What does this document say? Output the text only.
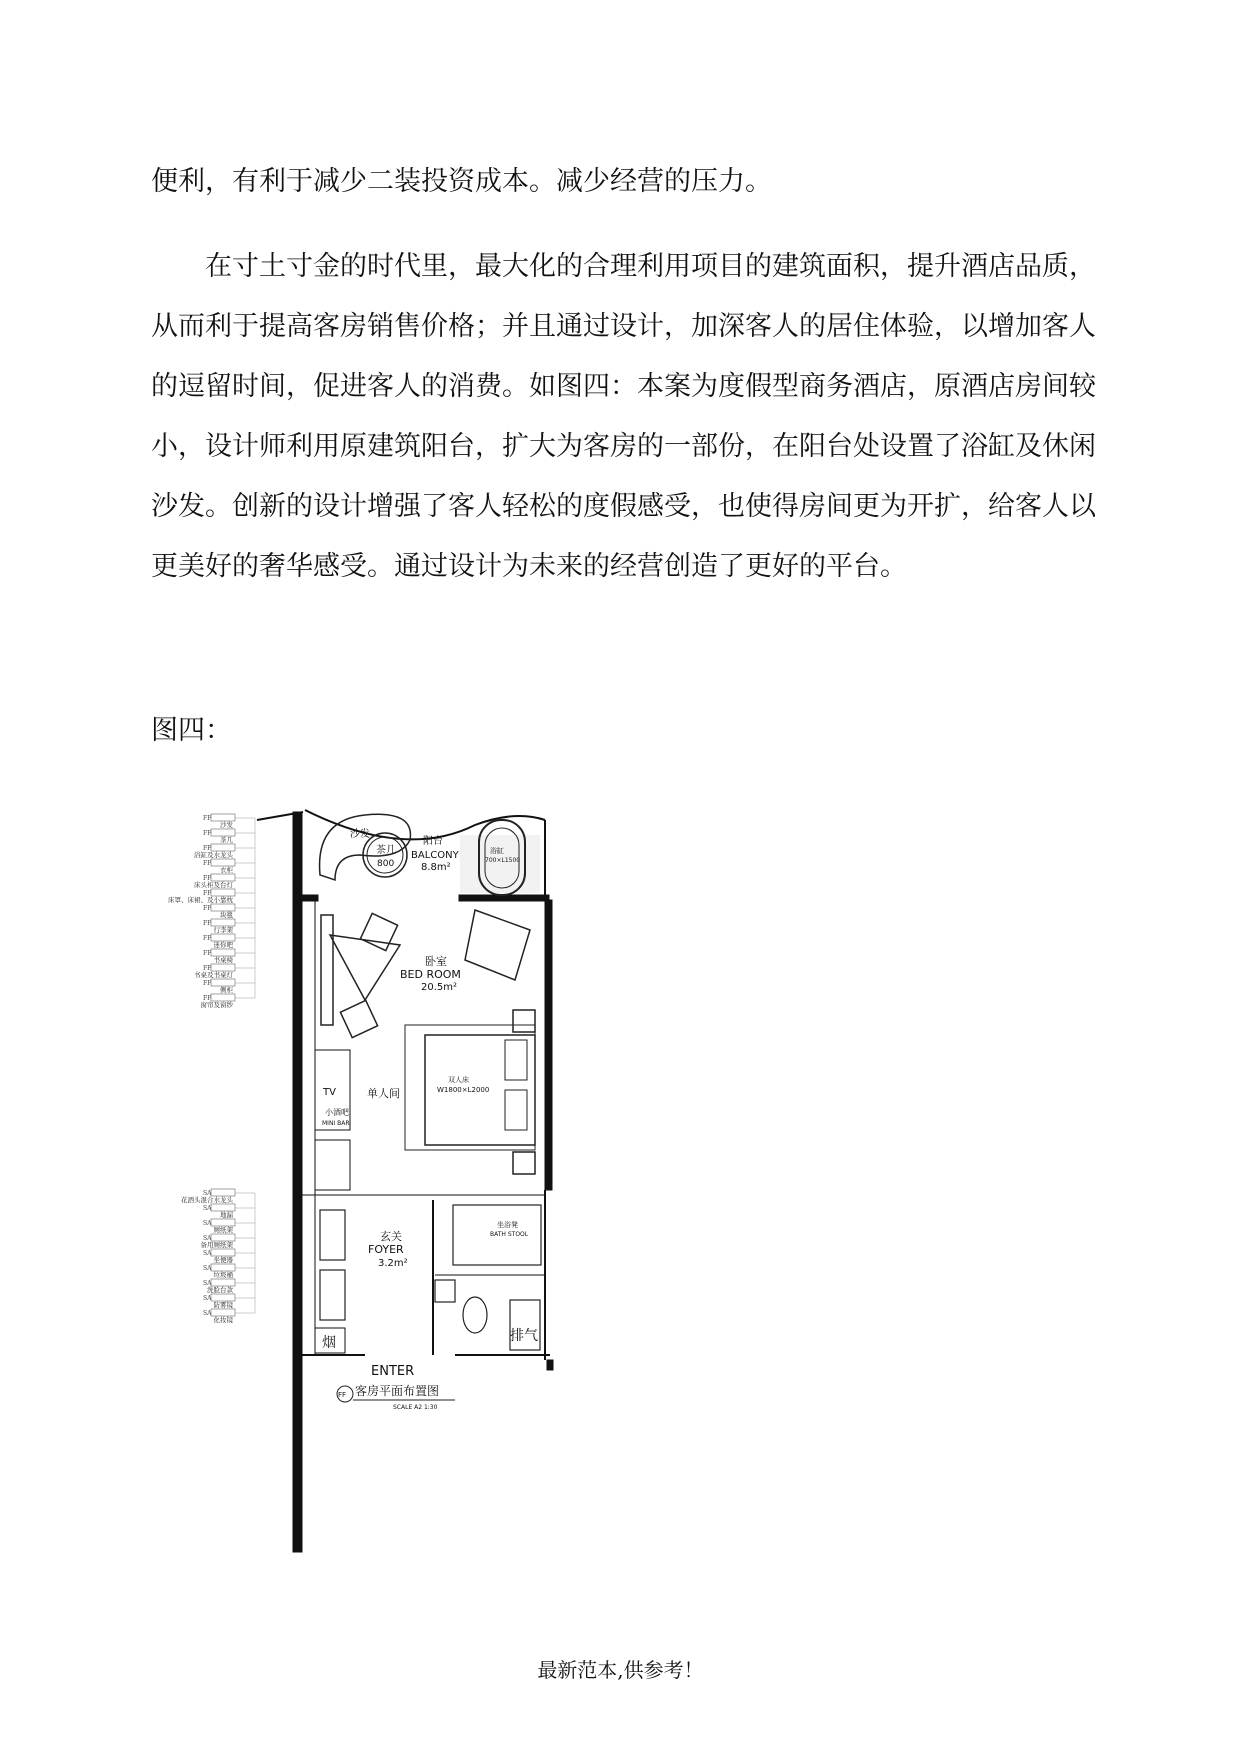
便利，有利于减少二装投资成本。减少经营的压力。

在寸土寸金的时代里，最大化的合理利用项目的建筑面积，提升酒店品质，从而利于提高客房销售价格；并且通过设计，加深客人的居住体验，以增加客人的逗留时间，促进客人的消费。如图四：本案为度假型商务酒店，原酒店房间较小，设计师利用原建筑阳台，扩大为客房的一部份，在阳台处设置了浴缸及休闲沙发。创新的设计增强了客人轻松的度假感受，也使得房间更为开扩，给客人以更美好的奢华感受。通过设计为未来的经营创造了更好的平台。

图四：

FF
沙发
FF
茶几
FF
浴缸及水龙头
FF
衣柜
FF
床头柜及台灯
FF
床罩、床裙、及小靠枕
FF
块毯
FF
行李架
FF
迷你吧
FF
书桌椅
FF
书桌及书桌灯
FF
侧柜
FF
窗帘及窗纱
SA
花洒头混合水龙头
SA
地漏
SA
厕纸架
SA
备用厕纸架
SA
坐便器
SA
垃圾桶
SA
洗脸台款
SA
防雾镜
SA
化妆镜
沙发
茶几
800
阳台
BALCONY
8.8m²
浴缸
700×L1500
卧室
BED ROOM
20.5m²
双人床
W1800×L2000
单人间
TV
小酒吧
MINI BAR
玄关
FOYER
3.2m²
坐浴凳
BATH STOOL
烟	排气
ENTER
FF 客房平面布置图
SCALE A2 1:30
最新范本,供参考！
